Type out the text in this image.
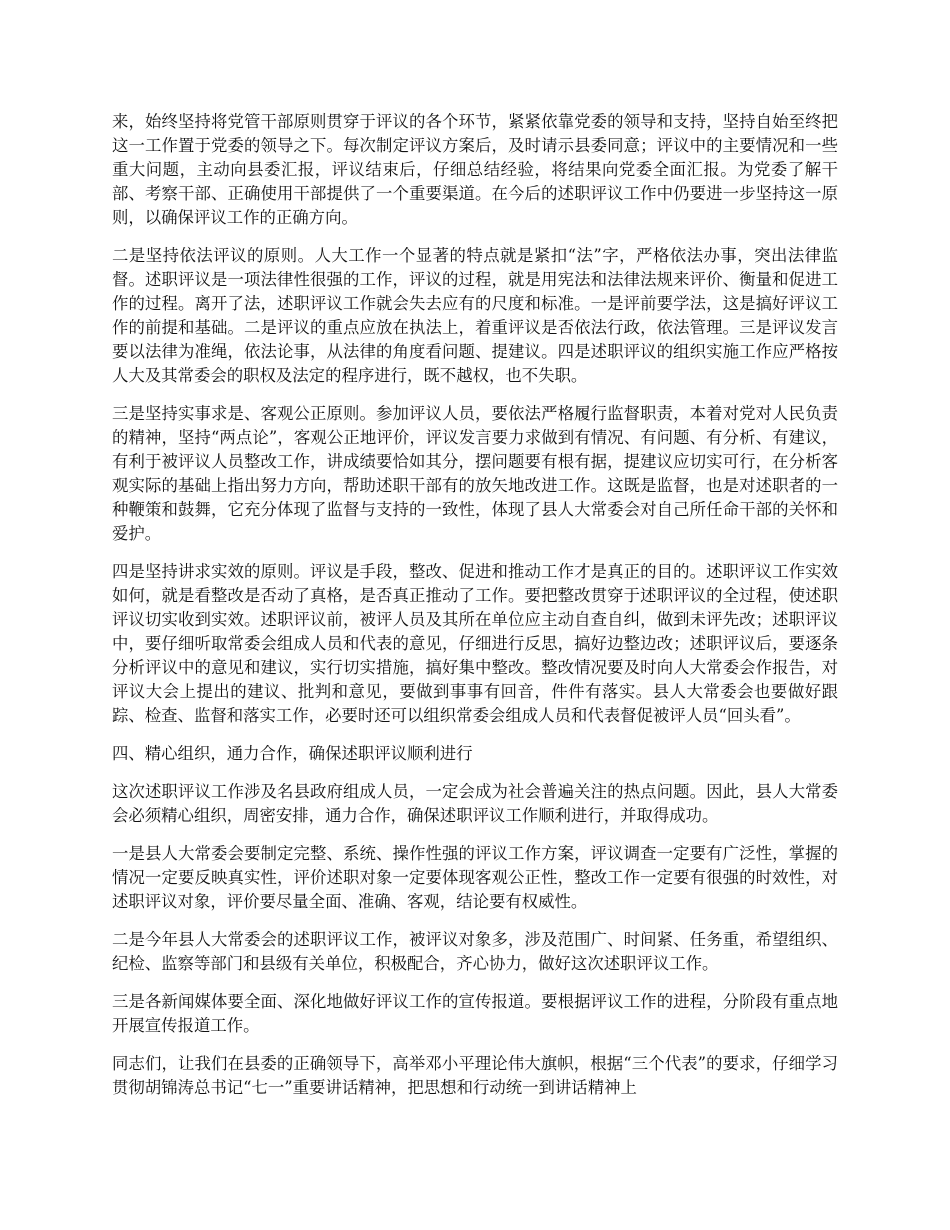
来，始终坚持将党管干部原则贯穿于评议的各个环节，紧紧依靠党委的领导和支持，坚持自始至终把这一工作置于党委的领导之下。每次制定评议方案后，及时请示县委同意；评议中的主要情况和一些重大问题，主动向县委汇报，评议结束后，仔细总结经验，将结果向党委全面汇报。为党委了解干部、考察干部、正确使用干部提供了一个重要渠道。在今后的述职评议工作中仍要进一步坚持这一原则，以确保评议工作的正确方向。

二是坚持依法评议的原则。人大工作一个显著的特点就是紧扣“法”字，严格依法办事，突出法律监督。述职评议是一项法律性很强的工作，评议的过程，就是用宪法和法律法规来评价、衡量和促进工作的过程。离开了法，述职评议工作就会失去应有的尺度和标准。一是评前要学法，这是搞好评议工作的前提和基础。二是评议的重点应放在执法上，着重评议是否依法行政，依法管理。三是评议发言要以法律为准绳，依法论事，从法律的角度看问题、提建议。四是述职评议的组织实施工作应严格按人大及其常委会的职权及法定的程序进行，既不越权，也不失职。

三是坚持实事求是、客观公正原则。参加评议人员，要依法严格履行监督职责，本着对党对人民负责的精神，坚持“两点论”，客观公正地评价，评议发言要力求做到有情况、有问题、有分析、有建议，有利于被评议人员整改工作，讲成绩要恰如其分，摆问题要有根有据，提建议应切实可行，在分析客观实际的基础上指出努力方向，帮助述职干部有的放矢地改进工作。这既是监督，也是对述职者的一种鞭策和鼓舞，它充分体现了监督与支持的一致性，体现了县人大常委会对自己所任命干部的关怀和爱护。

四是坚持讲求实效的原则。评议是手段，整改、促进和推动工作才是真正的目的。述职评议工作实效如何，就是看整改是否动了真格，是否真正推动了工作。要把整改贯穿于述职评议的全过程，使述职评议切实收到实效。述职评议前，被评人员及其所在单位应主动自查自纠，做到未评先改；述职评议中，要仔细听取常委会组成人员和代表的意见，仔细进行反思，搞好边整边改；述职评议后，要逐条分析评议中的意见和建议，实行切实措施，搞好集中整改。整改情况要及时向人大常委会作报告，对评议大会上提出的建议、批判和意见，要做到事事有回音，件件有落实。县人大常委会也要做好跟踪、检查、监督和落实工作，必要时还可以组织常委会组成人员和代表督促被评人员“回头看”。

四、精心组织，通力合作，确保述职评议顺利进行

这次述职评议工作涉及名县政府组成人员，一定会成为社会普遍关注的热点问题。因此，县人大常委会必须精心组织，周密安排，通力合作，确保述职评议工作顺利进行，并取得成功。

一是县人大常委会要制定完整、系统、操作性强的评议工作方案，评议调查一定要有广泛性，掌握的情况一定要反映真实性，评价述职对象一定要体现客观公正性，整改工作一定要有很强的时效性，对述职评议对象，评价要尽量全面、准确、客观，结论要有权威性。

二是今年县人大常委会的述职评议工作，被评议对象多，涉及范围广、时间紧、任务重，希望组织、纪检、监察等部门和县级有关单位，积极配合，齐心协力，做好这次述职评议工作。

三是各新闻媒体要全面、深化地做好评议工作的宣传报道。要根据评议工作的进程，分阶段有重点地开展宣传报道工作。

同志们，让我们在县委的正确领导下，高举邓小平理论伟大旗帜，根据“三个代表”的要求，仔细学习贯彻胡锦涛总书记“七一”重要讲话精神，把思想和行动统一到讲话精神上
